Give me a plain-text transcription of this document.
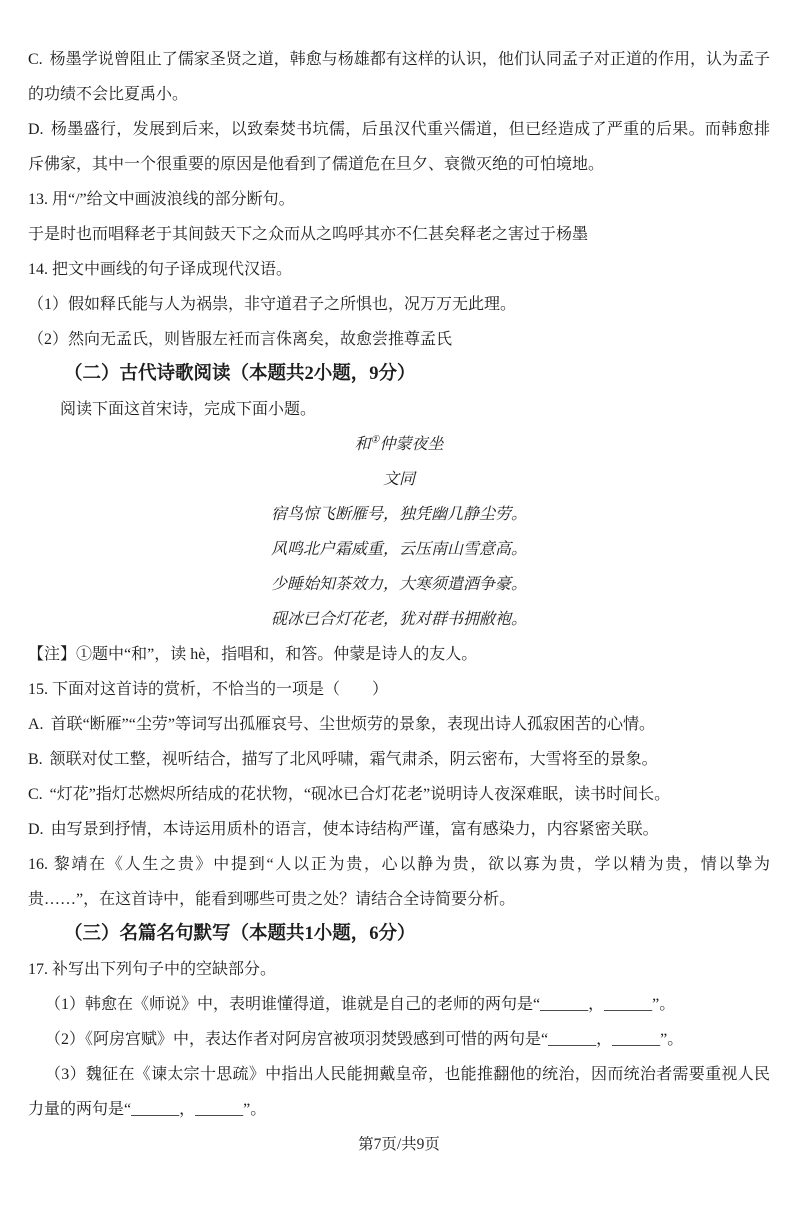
C. 杨墨学说曾阻止了儒家圣贤之道，韩愈与杨雄都有这样的认识，他们认同孟子对正道的作用，认为孟子的功绩不会比夏禹小。

D. 杨墨盛行，发展到后来，以致秦焚书坑儒，后虽汉代重兴儒道，但已经造成了严重的后果。而韩愈排斥佛家，其中一个很重要的原因是他看到了儒道危在旦夕、衰微灭绝的可怕境地。

13. 用“/”给文中画波浪线的部分断句。

于是时也而唱释老于其间鼓天下之众而从之呜呼其亦不仁甚矣释老之害过于杨墨

14. 把文中画线的句子译成现代汉语。

（1）假如释氏能与人为祸祟，非守道君子之所惧也，况万万无此理。

（2）然向无孟氏，则皆服左衽而言侏离矣，故愈尝推尊孟氏

（二）古代诗歌阅读（本题共2小题，9分）

阅读下面这首宋诗，完成下面小题。

和①仲蒙夜坐

文同

宿鸟惊飞断雁号，独凭幽几静尘劳。

风鸣北户霜威重，云压南山雪意高。

少睡始知茶效力，大寒须遣酒争豪。

砚冰已合灯花老，犹对群书拥敝袍。

【注】①题中“和”，读 hè，指唱和，和答。仲蒙是诗人的友人。

15. 下面对这首诗的赏析，不恰当的一项是（　　）

A. 首联“断雁”“尘劳”等词写出孤雁哀号、尘世烦劳的景象，表现出诗人孤寂困苦的心情。

B. 颔联对仗工整，视听结合，描写了北风呼啸，霜气肃杀，阴云密布，大雪将至的景象。

C. “灯花”指灯芯燃烬所结成的花状物，“砚冰已合灯花老”说明诗人夜深难眠，读书时间长。

D. 由写景到抒情，本诗运用质朴的语言，使本诗结构严谨，富有感染力，内容紧密关联。

16. 黎靖在《人生之贵》中提到“人以正为贵，心以静为贵，欲以寡为贵，学以精为贵，情以挚为贵……”，在这首诗中，能看到哪些可贵之处？请结合全诗简要分析。

（三）名篇名句默写（本题共1小题，6分）

17. 补写出下列句子中的空缺部分。

（1）韩愈在《师说》中，表明谁懂得道，谁就是自己的老师的两句是“______，______”。

（2）《阿房宫赋》中，表达作者对阿房宫被项羽焚毁感到可惜的两句是“______，______”。

（3）魏征在《谏太宗十思疏》中指出人民能拥戴皇帝，也能推翻他的统治，因而统治者需要重视人民力量的两句是“______，______”。

第7页/共9页
